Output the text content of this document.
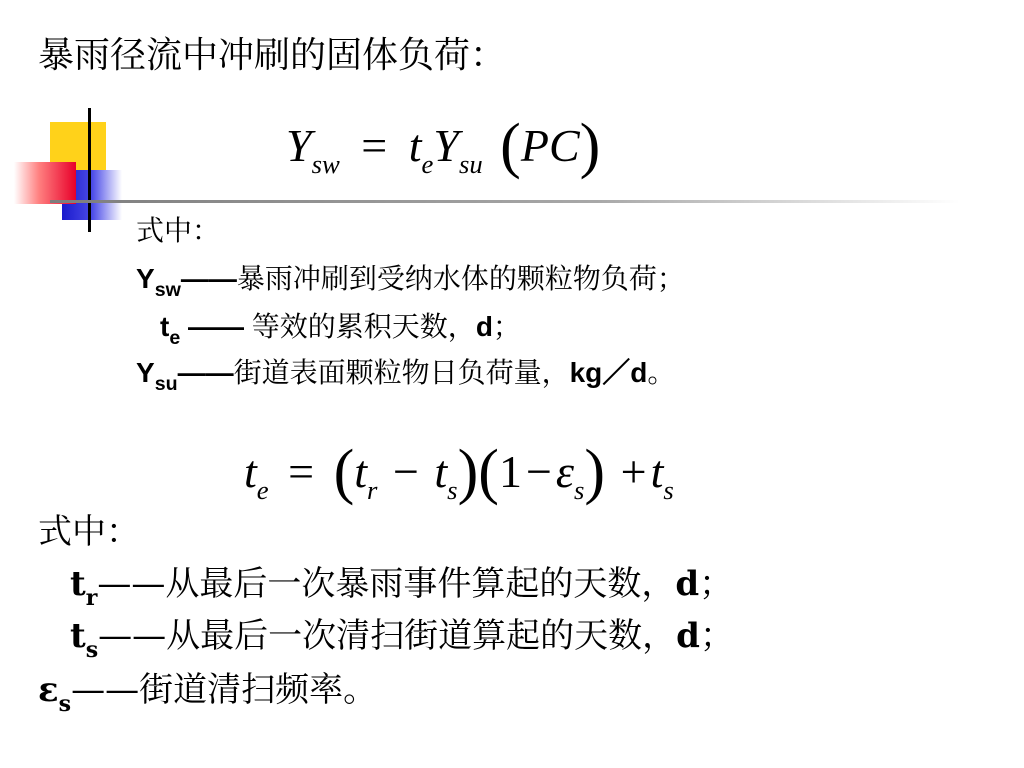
暴雨径流中冲刷的固体负荷：
$Y_{sw} = t_eY_{su}$ (PC)
式中：
$Y_{sw}——$暴雨冲刷到受纳水体的颗粒物负荷；
$t_e$ —— 等效的累积天数，d；
$Y_{su}——$街道表面颗粒物日负荷量，kg／d。
$t_e = (t_r - t_s)(1-\varepsilon_s) +t_s$
式中：
$t_r——$从最后一次暴雨事件算起的天数，d；
$t_s——$从最后一次清扫街道算起的天数，d；
$\varepsilon_s——$街道清扫频率。
